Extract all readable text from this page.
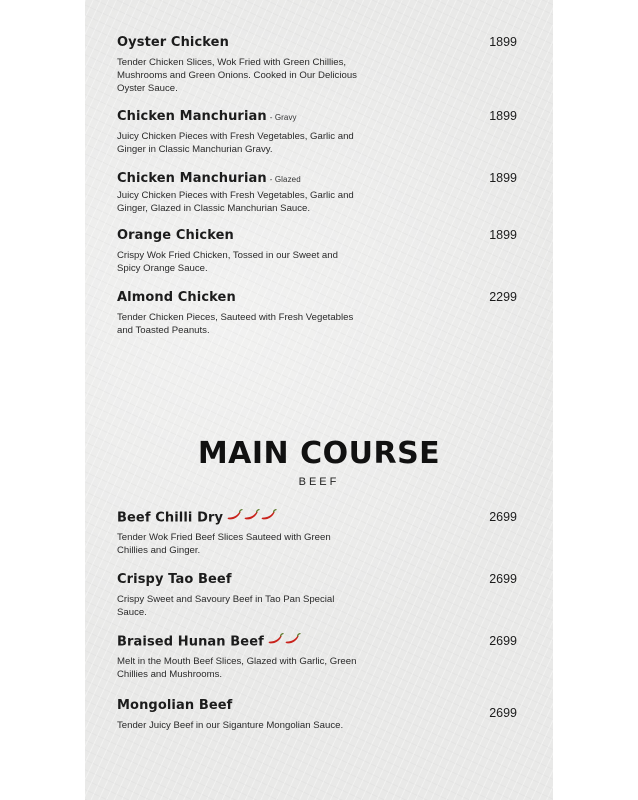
Oyster Chicken
Tender Chicken Slices, Wok Fried with Green Chillies, Mushrooms and Green Onions. Cooked in Our Delicious Oyster Sauce.
1899
Chicken Manchurian - Gravy
Juicy Chicken Pieces with Fresh Vegetables, Garlic and Ginger in Classic Manchurian Gravy.
1899
Chicken Manchurian - Glazed
Juicy Chicken Pieces with Fresh Vegetables, Garlic and Ginger, Glazed in Classic Manchurian Sauce.
1899
Orange Chicken
Crispy Wok Fried Chicken, Tossed in our Sweet and Spicy Orange Sauce.
1899
Almond Chicken
Tender Chicken Pieces, Sauteed with Fresh Vegetables and Toasted Peanuts.
2299
MAIN COURSE
BEEF
Beef Chilli Dry
Tender Wok Fried Beef Slices Sauteed with Green Chillies and Ginger.
2699
Crispy Tao Beef
Crispy Sweet and Savoury Beef in Tao Pan Special Sauce.
2699
Braised Hunan Beef
Melt in the Mouth Beef Slices, Glazed with Garlic, Green Chillies and Mushrooms.
2699
Mongolian Beef
Tender Juicy Beef in our Siganture Mongolian Sauce.
2699
